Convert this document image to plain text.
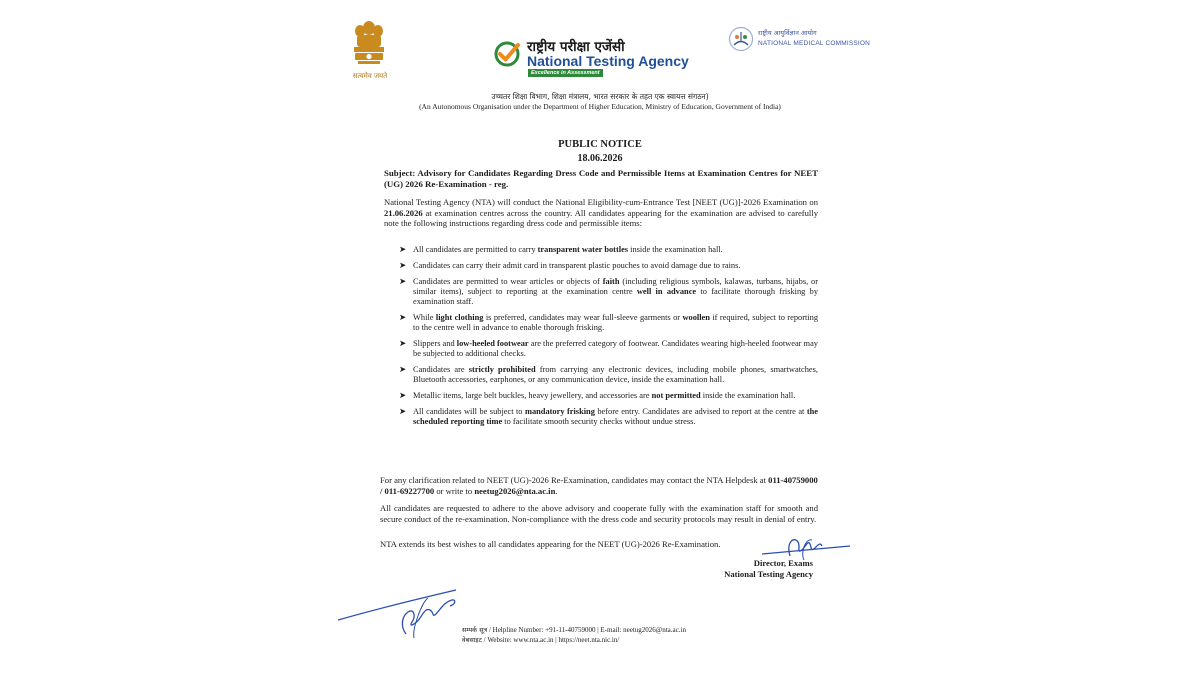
सत्यमेव जयते
राष्ट्रीय परीक्षा एजेंसी
National Testing Agency
Excellence in Assessment
राष्ट्रीय आयुर्विज्ञान आयोग
NATIONAL MEDICAL COMMISSION
उच्चतर शिक्षा विभाग, शिक्षा मंत्रालय, भारत सरकार के तहत एक स्वायत्त संगठन)
(An Autonomous Organisation under the Department of Higher Education, Ministry of Education, Government of India)
PUBLIC NOTICE
18.06.2026

Subject: Advisory for Candidates Regarding Dress Code and Permissible Items at Examination Centres for NEET (UG) 2026 Re-Examination - reg.

National Testing Agency (NTA) will conduct the National Eligibility-cum-Entrance Test [NEET (UG)]-2026 Examination on 21.06.2026 at examination centres across the country. All candidates appearing for the examination are advised to carefully note the following instructions regarding dress code and permissible items:

➤ All candidates are permitted to carry transparent water bottles inside the examination hall.
➤ Candidates can carry their admit card in transparent plastic pouches to avoid damage due to rains.
➤ Candidates are permitted to wear articles or objects of faith (including religious symbols, kalawas, turbans, hijabs, or similar items), subject to reporting at the examination centre well in advance to facilitate thorough frisking by examination staff.
➤ While light clothing is preferred, candidates may wear full-sleeve garments or woollen if required, subject to reporting to the centre well in advance to enable thorough frisking.
➤ Slippers and low-heeled footwear are the preferred category of footwear. Candidates wearing high-heeled footwear may be subjected to additional checks.
➤ Candidates are strictly prohibited from carrying any electronic devices, including mobile phones, smartwatches, Bluetooth accessories, earphones, or any communication device, inside the examination hall.
➤ Metallic items, large belt buckles, heavy jewellery, and accessories are not permitted inside the examination hall.
➤ All candidates will be subject to mandatory frisking before entry. Candidates are advised to report at the centre at the scheduled reporting time to facilitate smooth security checks without undue stress.

For any clarification related to NEET (UG)-2026 Re-Examination, candidates may contact the NTA Helpdesk at 011-40759000 / 011-69227700 or write to neetug2026@nta.ac.in.

All candidates are requested to adhere to the above advisory and cooperate fully with the examination staff for smooth and secure conduct of the re-examination. Non-compliance with the dress code and security protocols may result in denial of entry.

NTA extends its best wishes to all candidates appearing for the NEET (UG)-2026 Re-Examination.

Director, Exams
National Testing Agency
सम्पर्क सूत्र / Helpline Number: +91-11-40759000 | E-mail: neetug2026@nta.ac.in
वेबसाइट / Website: www.nta.ac.in | https://neet.nta.nic.in/
